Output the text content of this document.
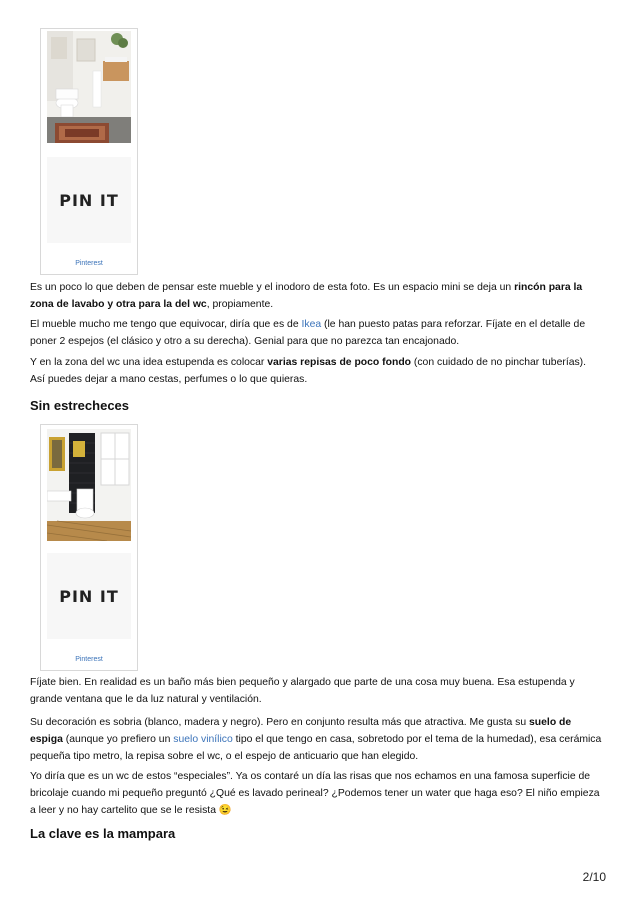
PIN IT
Pinterest

Es un poco lo que deben de pensar este mueble y el inodoro de esta foto. Es un espacio mini se deja un rincón para la zona de lavabo y otra para la del wc, propiamente.

El mueble mucho me tengo que equivocar, diría que es de Ikea (le han puesto patas para reforzar. Fíjate en el detalle de poner 2 espejos (el clásico y otro a su derecha). Genial para que no parezca tan encajonado.

Y en la zona del wc una idea estupenda es colocar varias repisas de poco fondo (con cuidado de no pinchar tuberías). Así puedes dejar a mano cestas, perfumes o lo que quieras.

Sin estrecheces
PIN IT
Pinterest

Fíjate bien. En realidad es un baño más bien pequeño y alargado que parte de una cosa muy buena. Esa estupenda y grande ventana que le da luz natural y ventilación.

Su decoración es sobria (blanco, madera y negro). Pero en conjunto resulta más que atractiva. Me gusta su suelo de espiga (aunque yo prefiero un suelo vinílico tipo el que tengo en casa, sobretodo por el tema de la humedad), esa cerámica pequeña tipo metro, la repisa sobre el wc, o el espejo de anticuario que han elegido.

Yo diría que es un wc de estos “especiales”. Ya os contaré un día las risas que nos echamos en una famosa superficie de bricolaje cuando mi pequeño preguntó ¿Qué es lavado perineal? ¿Podemos tener un water que haga eso? El niño empieza a leer y no hay cartelito que se le resista 😉

La clave es la mampara
2/10
